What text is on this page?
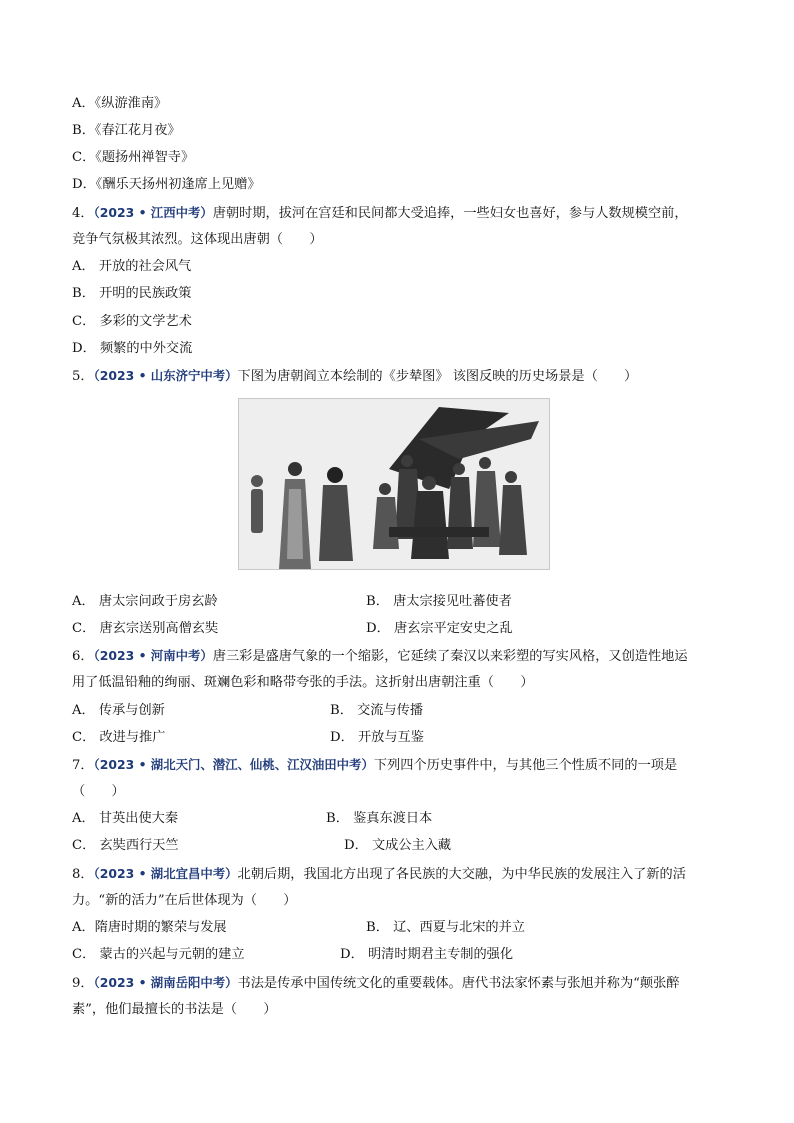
A．《纵游淮南》
B．《春江花月夜》
C．《题扬州禅智寺》
D．《酬乐天扬州初逢席上见赠》
4．（2023 • 江西中考）唐朝时期，拔河在宫廷和民间都大受追捧，一些妇女也喜好，参与人数规模空前，
竞争气氛极其浓烈。这体现出唐朝（　　）
A． 开放的社会风气
B． 开明的民族政策
C． 多彩的文学艺术
D． 频繁的中外交流
5．（2023 • 山东济宁中考）下图为唐朝阎立本绘制的《步辇图》 该图反映的历史场景是（　　）
A． 唐太宗问政于房玄龄	B． 唐太宗接见吐蕃使者
C． 唐玄宗送别高僧玄奘	D． 唐玄宗平定安史之乱
6．（2023 • 河南中考）唐三彩是盛唐气象的一个缩影，它延续了秦汉以来彩塑的写实风格，又创造性地运
用了低温铅釉的绚丽、斑斓色彩和略带夸张的手法。这折射出唐朝注重（　　）
A． 传承与创新	B． 交流与传播
C． 改进与推广	D． 开放与互鉴
7．（2023 • 湖北天门、潜江、仙桃、江汉油田中考）下列四个历史事件中，与其他三个性质不同的一项是
（　　）
A． 甘英出使大秦	B． 鉴真东渡日本
C． 玄奘西行天竺	D． 文成公主入藏
8．（2023 • 湖北宜昌中考）北朝后期，我国北方出现了各民族的大交融，为中华民族的发展注入了新的活
力。“新的活力”在后世体现为（　　）
A．隋唐时期的繁荣与发展	B． 辽、西夏与北宋的并立
C． 蒙古的兴起与元朝的建立	D． 明清时期君主专制的强化
9．（2023 • 湖南岳阳中考）书法是传承中国传统文化的重要载体。唐代书法家怀素与张旭并称为“颠张醉
素”，他们最擅长的书法是（　　）
